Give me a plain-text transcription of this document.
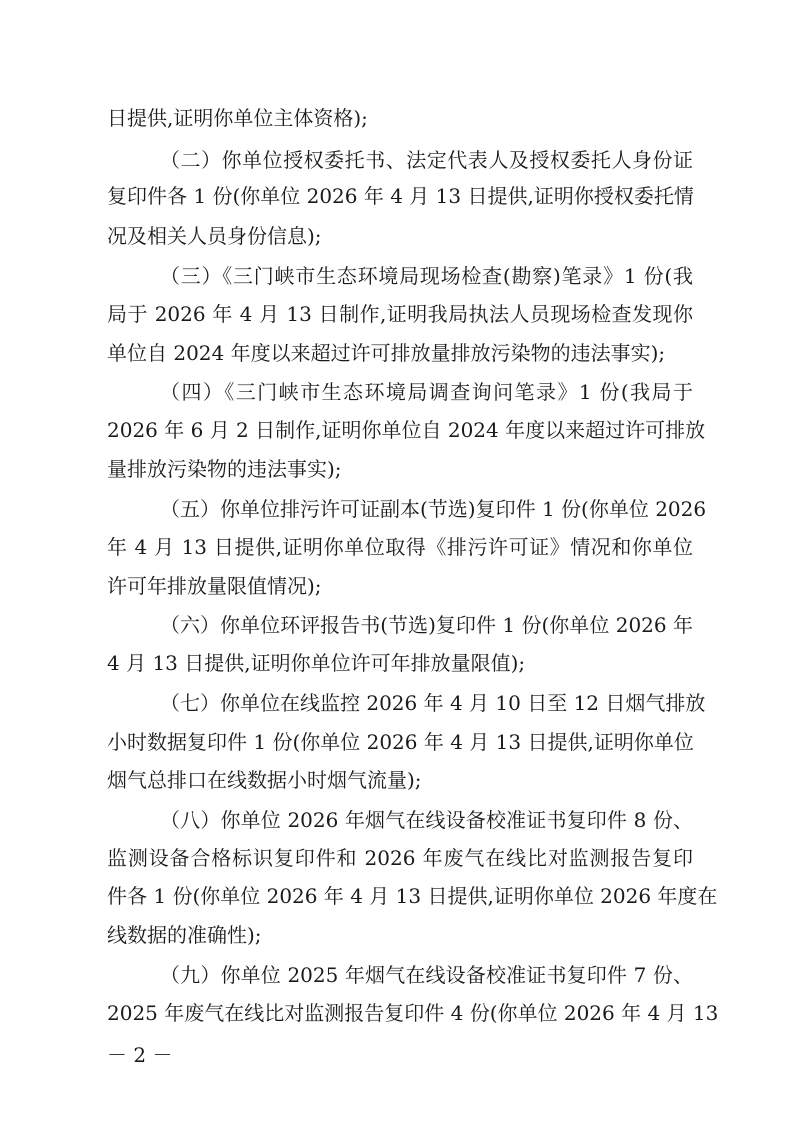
日提供,证明你单位主体资格);
（二）你单位授权委托书、法定代表人及授权委托人身份证
复印件各 1 份(你单位 2026 年 4 月 13 日提供,证明你授权委托情
况及相关人员身份信息);
（三）《三门峡市生态环境局现场检查(勘察)笔录》1 份(我
局于 2026 年 4 月 13 日制作,证明我局执法人员现场检查发现你
单位自 2024 年度以来超过许可排放量排放污染物的违法事实);
（四）《三门峡市生态环境局调查询问笔录》1 份(我局于
2026 年 6 月 2 日制作,证明你单位自 2024 年度以来超过许可排放
量排放污染物的违法事实);
（五）你单位排污许可证副本(节选)复印件 1 份(你单位 2026
年 4 月 13 日提供,证明你单位取得《排污许可证》情况和你单位
许可年排放量限值情况);
（六）你单位环评报告书(节选)复印件 1 份(你单位 2026 年
4 月 13 日提供,证明你单位许可年排放量限值);
（七）你单位在线监控 2026 年 4 月 10 日至 12 日烟气排放
小时数据复印件 1 份(你单位 2026 年 4 月 13 日提供,证明你单位
烟气总排口在线数据小时烟气流量);
（八）你单位 2026 年烟气在线设备校准证书复印件 8 份、
监测设备合格标识复印件和 2026 年废气在线比对监测报告复印
件各 1 份(你单位 2026 年 4 月 13 日提供,证明你单位 2026 年度在
线数据的准确性);
（九）你单位 2025 年烟气在线设备校准证书复印件 7 份、
2025 年废气在线比对监测报告复印件 4 份(你单位 2026 年 4 月 13
－ 2 －
